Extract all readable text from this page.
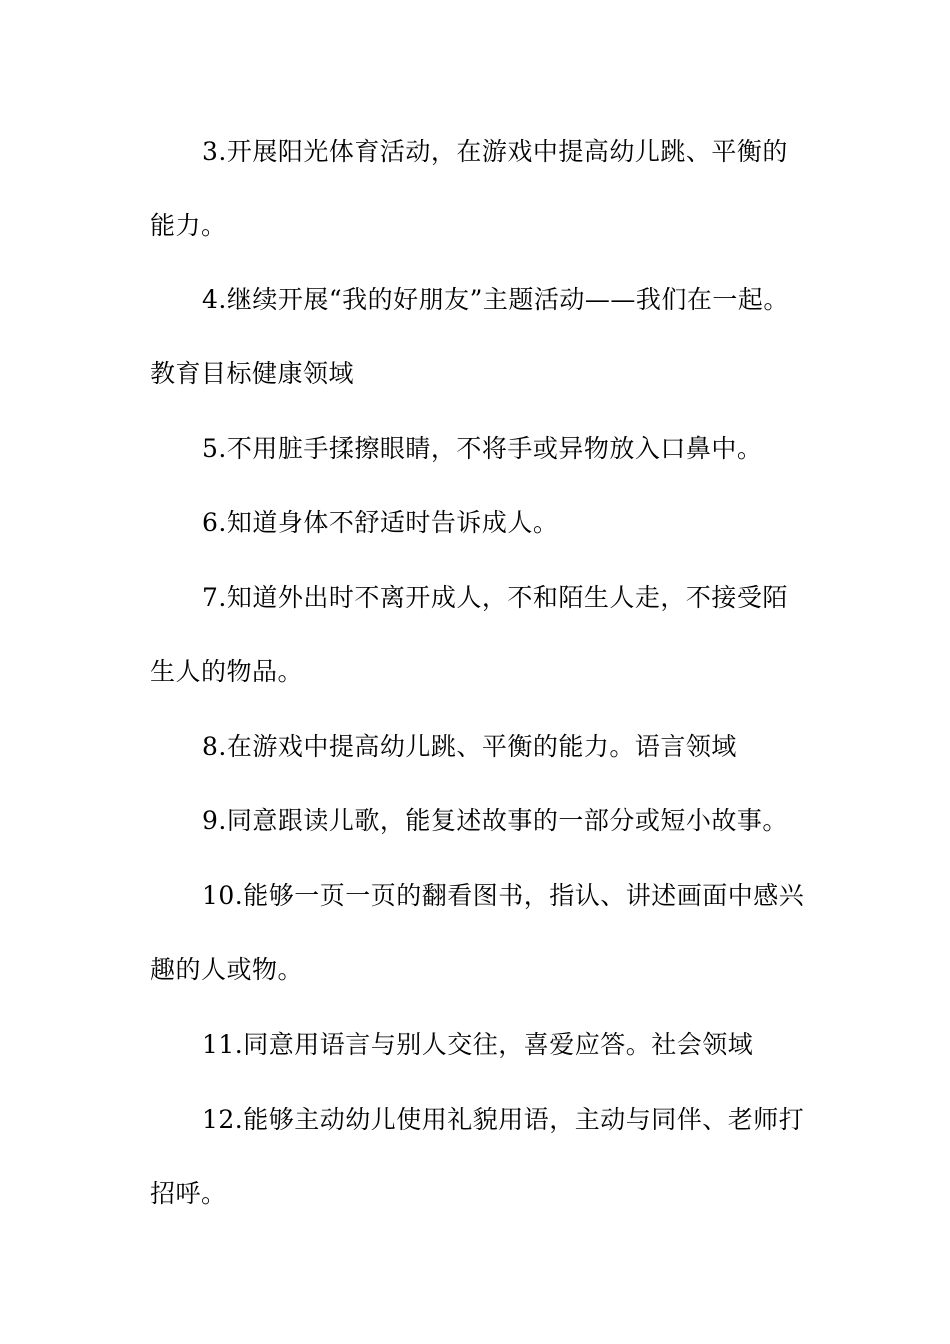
3.开展阳光体育活动，在游戏中提高幼儿跳、平衡的能力。

4.继续开展“我的好朋友”主题活动——我们在一起。教育目标健康领域

5.不用脏手揉擦眼睛，不将手或异物放入口鼻中。

6.知道身体不舒适时告诉成人。

7.知道外出时不离开成人，不和陌生人走，不接受陌生人的物品。

8.在游戏中提高幼儿跳、平衡的能力。语言领域

9.同意跟读儿歌，能复述故事的一部分或短小故事。

10.能够一页一页的翻看图书，指认、讲述画面中感兴趣的人或物。

11.同意用语言与别人交往，喜爱应答。社会领域

12.能够主动幼儿使用礼貌用语，主动与同伴、老师打招呼。
